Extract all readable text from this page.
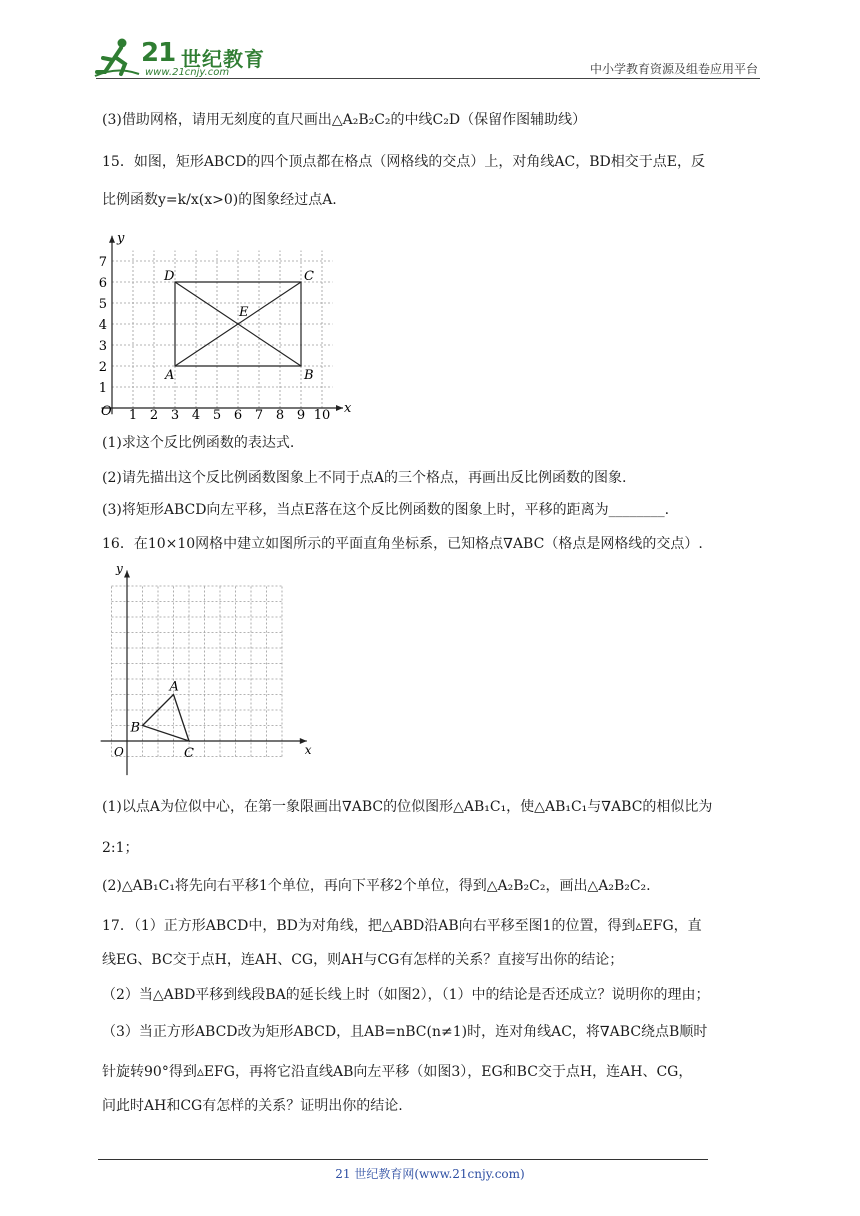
21 世纪教育
www.21cnjy.com	中小学教育资源及组卷应用平台
(3)借助网格，请用无刻度的直尺画出△A₂B₂C₂的中线C₂D（保留作图辅助线）
15．如图，矩形ABCD的四个顶点都在格点（网格线的交点）上，对角线AC，BD相交于点E，反
比例函数y=k/x(x>0)的图象经过点A.
x
y
O 1 2 3 4 5 6 7 8 9 10
1
2
3
4
5
6
7
A	B
C
D
E
(1)求这个反比例函数的表达式.
(2)请先描出这个反比例函数图象上不同于点A的三个格点，再画出反比例函数的图象.
(3)将矩形ABCD向左平移，当点E落在这个反比例函数的图象上时，平移的距离为________.
16．在10×10网格中建立如图所示的平面直角坐标系，已知格点∇ABC（格点是网格线的交点）.
x
y
O
A
B
C
(1)以点A为位似中心，在第一象限画出∇ABC的位似图形△AB₁C₁，使△AB₁C₁与∇ABC的相似比为
2:1；
(2)△AB₁C₁将先向右平移1个单位，再向下平移2个单位，得到△A₂B₂C₂，画出△A₂B₂C₂.
17．（1）正方形ABCD中，BD为对角线，把△ABD沿AB向右平移至图1的位置，得到▵EFG，直
线EG、BC交于点H，连AH、CG，则AH与CG有怎样的关系？直接写出你的结论；
（2）当△ABD平移到线段BA的延长线上时（如图2），（1）中的结论是否还成立？说明你的理由；
（3）当正方形ABCD改为矩形ABCD，且AB=nBC(n≠1)时，连对角线AC，将∇ABC绕点B顺时
针旋转90°得到▵EFG，再将它沿直线AB向左平移（如图3），EG和BC交于点H，连AH、CG，
问此时AH和CG有怎样的关系？证明出你的结论.
21 世纪教育网(www.21cnjy.com)
